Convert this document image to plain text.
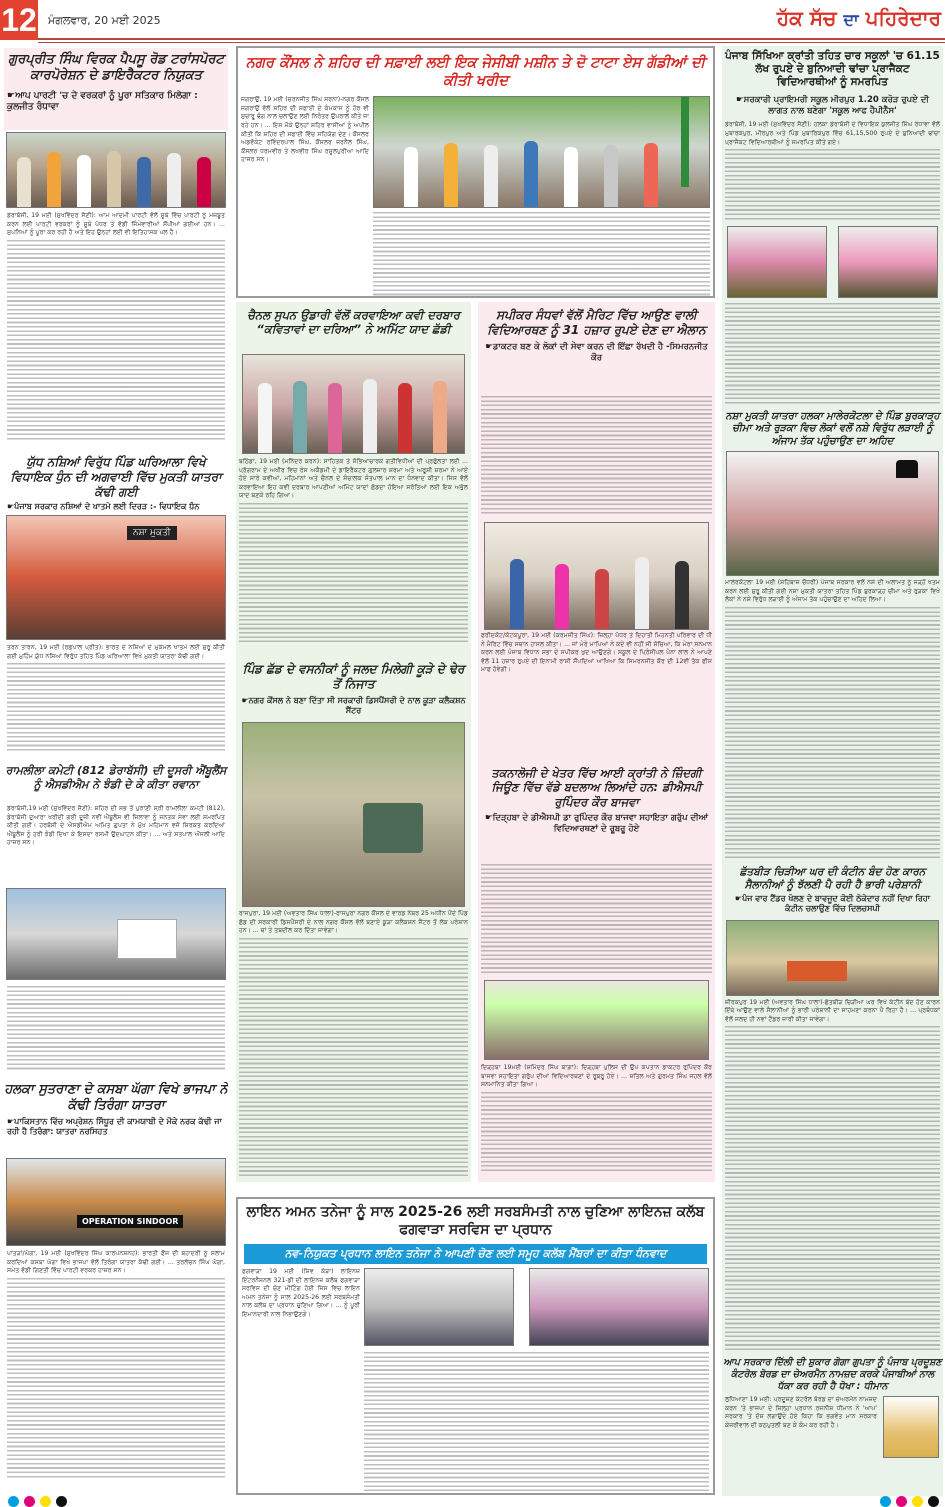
12 ਮੰਗਲਵਾਰ, 20 ਮਈ 2025	ਹੱਕ ਸੱਚ ਦਾ ਪਹਿਰੇਦਾਰ
ਗੁਰਪ੍ਰੀਤ ਸਿੰਘ ਵਿਰਕ ਪੈਪਸੂ ਰੋਡ ਟਰਾਂਸਪੋਰਟ ਕਾਰਪੋਰੇਸ਼ਨ ਦੇ ਡਾਇਰੈਕਟਰ ਨਿਯੁਕਤ
☛ ਆਪ ਪਾਰਟੀ 'ਚ ਦੇ ਵਰਕਰਾਂ ਨੂੰ ਪੂਰਾ ਸਤਿਕਾਰ ਮਿਲੇਗਾ : ਕੁਲਜੀਤ ਰੰਧਾਵਾ
ਡੇਰਾਬੱਸੀ, 19 ਮਈ (ਸੁਖਵਿੰਦਰ ਸੈਣੀ): ਆਮ ਆਦਮੀ ਪਾਰਟੀ ਵੱਲੋਂ ਸੂਬੇ ਵਿੱਚ ਪਾਰਟੀ ਨੂੰ ਮਜ਼ਬੂਤ ਕਰਨ ਲਈ ਪਾਰਟੀ ਵਰਕਰਾਂ ਨੂੰ ਸੂਬੇ ਪੱਧਰ ਤੇ ਵੱਡੀ ਜਿੰਮੇਵਾਰੀਆਂ ਸੌਂਪੀਆਂ ਗਈਆਂ ਹਨ। ... ਸੁਪਨਿਆਂ ਨੂੰ ਪੂਰਾ ਕਰ ਰਹੀ ਹੈ ਅਤੇ ਇਹ ਉਨ੍ਹਾਂ ਲਈ ਵੀ ਇਤਿਹਾਸਕ ਪਲ ਹੈ।
ਯੁੱਧ ਨਸ਼ਿਆਂ ਵਿਰੁੱਧ ਪਿੰਡ ਘਰਿਆਲਾ ਵਿਖੇ ਵਿਧਾਇਕ ਧੁੰਨ ਦੀ ਅਗਵਾਈ ਵਿੱਚ ਮੁਕਤੀ ਯਾਤਰਾ ਕੱਢੀ ਗਈ
☛ ਪੰਜਾਬ ਸਰਕਾਰ ਨਸ਼ਿਆਂ ਦੇ ਖਾਤਮੇ ਲਈ ਦਿਰੜ :- ਵਿਧਾਇਕ ਧੁੰਨ
ਨਸ਼ਾ ਮੁਕਤੀ
ਤਰਨ ਤਾਰਨ, 19 ਮਈ (ਰਛਪਾਲ ਪ੍ਰੀਤ): ਭਾਰਤ ਦੇ ਨਸ਼ਿਆਂ ਦੇ ਮੁਕੰਮਲ ਖਾਤਮੇ ਲਈ ਸ਼ੁਰੂ ਕੀਤੀ ਗਈ ਮੁਹਿੰਮ ਯੁੱਧ ਨਸ਼ਿਆਂ ਵਿਰੁੱਧ ਤਹਿਤ ਪਿੰਡ ਘਰਿਆਲਾ ਵਿਖੇ ਮੁਕਤੀ ਯਾਤਰਾ ਕੱਢੀ ਗਈ।
ਰਾਮਲੀਲਾ ਕਮੇਟੀ (812 ਡੇਰਾਬੱਸੀ) ਦੀ ਦੂਸਰੀ ਐਂਬੂਲੈਂਸ ਨੂੰ ਐਸਡੀਐਮ ਨੇ ਝੰਡੀ ਦੇ ਕੇ ਕੀਤਾ ਰਵਾਨਾ
ਡੇਰਾਬੱਸੀ,19 ਮਈ (ਸੁਖਵਿੰਦਰ ਸੈਣੀ): ਸ਼ਹਿਰ ਦੀ ਸਭ ਤੋਂ ਪੁਰਾਣੀ ਸ੍ਰੀ ਰਾਮਲੀਲਾ ਕਮੇਟੀ (812), ਡੇਰਾਬੱਸੀ ਦੁਆਰਾ ਖਰੀਦੀ ਗਈ ਦੂਜੀ ਨਵੀਂ ਐਂਬੂਲੈਂਸ ਵੀ ਜਿਲਾਵਾ ਨੂੰ ਜਨਤਕ ਸੇਵਾ ਲਈ ਸਮਰਪਿਤ ਕੀਤੀ ਗਈ। ਹਰਬੱਸੀ ਦੇ ਐਸਡੀਐਮ ਅਮਿਤ ਗੁਪਤਾ ਨੇ ਮੁੱਖ ਮਹਿਮਾਨ ਵਜੋਂ ਸ਼ਿਰਕਤ ਕਰਦਿਆਂ ਐਂਬੂਲੈਂਸ ਨੂੰ ਹਰੀ ਝੰਡੀ ਦਿਖਾ ਕੇ ਇਸਦਾ ਰਸਮੀ ਉਦਘਾਟਨ ਕੀਤਾ। ... ਅਤੇ ਸਤਪਾਲ ਔਜਲੀ ਆਦਿ ਹਾਜ਼ਰ ਸਨ।
ਹਲਕਾ ਸੁਤਰਾਣਾ ਦੇ ਕਸਬਾ ਘੱਗਾ ਵਿਖੇ ਭਾਜਪਾ ਨੇ ਕੱਢੀ ਤਿਰੰਗਾ ਯਾਤਰਾ
☛ ਪਾਕਿਸਤਾਨ ਵਿੱਚ ਅਪ੍ਰੇਸ਼ਨ ਸਿੰਧੂਰ ਦੀ ਕਾਮਯਾਬੀ ਦੇ ਮੌਕੇ ਨਰਕ ਕੱਢੀ ਜਾ ਰਹੀ ਹੈ ਤਿਰੰਗਾ: ਯਾਤਰਾ ਨਰਸਿਹਤ
OPERATION SINDOOR
ਪਾਤੜਾਂ/ਘੱਗਾ, 19 ਮਈ (ਸੁਖਵਿੰਦਰ ਸਿੰਘ ਕਾਰਪਨਸ਼ਨਹ): ਭਾਰਤੀ ਫੌਜ ਦੀ ਬਹਾਦਰੀ ਨੂੰ ਸਲਾਮ ਕਰਦਿਆਂ ਕਸਬਾ ਘੱਗਾ ਵਿਖੇ ਭਾਜਪਾ ਵੱਲੋਂ ਤਿਰੰਗਾ ਯਾਤਰਾ ਕੱਢੀ ਗਈ। ... ਤਰਲੋਚਨ ਸਿੰਘ ਘੱਗਾ, ਸਮੇਤ ਵੱਡੀ ਗਿਣਤੀ ਵਿੱਚ ਪਾਰਟੀ ਵਰਕਰ ਹਾਜ਼ਰ ਸਨ।
ਨਗਰ ਕੌਂਸਲ ਨੇ ਸ਼ਹਿਰ ਦੀ ਸਫ਼ਾਈ ਲਈ ਇਕ ਜੇਸੀਬੀ ਮਸ਼ੀਨ ਤੇ ਦੋ ਟਾਟਾ ਏਸ ਗੱਡੀਆਂ ਦੀ ਕੀਤੀ ਖਰੀਦ
ਜਗਰਾਉਂ, 19 ਮਈ (ਚਰਨਜੀਤ ਸਿੰਘ ਸਰਨਾ)-ਨਗਰ ਕੌਂਸਲ ਜਗਰਾਉਂ ਵੱਲੋਂ ਸ਼ਹਿਰ ਦੀ ਸਫਾਈ ਦੇ ਕੰਮਕਾਜ ਨੂੰ ਹੋਰ ਵੀ ਸੁਚਾਰੂ ਢੰਗ ਨਾਲ ਚਲਾਉਣ ਲਈ ਨਿਰੰਤਰ ਉਪਰਾਲੇ ਕੀਤੇ ਜਾ ਰਹੇ ਹਨ। ... ਇਸ ਮੌਕੇ ਉਨ੍ਹਾਂ ਸ਼ਹਿਰ ਵਾਸੀਆਂ ਨੂੰ ਅਪੀਲ ਕੀਤੀ ਕਿ ਸ਼ਹਿਰ ਦੀ ਸਫਾਈ ਵਿੱਚ ਸਹਿਯੋਗ ਦੇਣ। ਕੌਂਸਲਰ ਅਡਵੋਕੇਟ ਰਵਿੰਦਰਪਾਲ ਸਿੰਘ, ਕੌਂਸਲਰ ਜਰਨੈਲ ਸਿੰਘ, ਕੌਂਸਲਰ ਧਰਮਵੀਰ ਤੇ ਲਖਵੀਰ ਸਿੰਘ ਰਸੂਲਪੁਰੀਆ ਆਦਿ ਹਾਜ਼ਰ ਸਨ।
ਚੈਨਲ ਸੁਪਨ ਉਡਾਰੀ ਵੱਲੋਂ ਕਰਵਾਇਆ ਕਵੀ ਦਰਬਾਰ “ਕਵਿਤਾਵਾਂ ਦਾ ਦਰਿਆ” ਨੇ ਅਮਿੱਟ ਯਾਦ ਛੱਡੀ
ਬਠਿੰਡਾ, 19 ਮਈ (ਮਨਿੰਦਰ ਕਰਨ): ਸਾਹਿਤਕ ਤੇ ਸੱਭਿਆਚਾਰਕ ਗਤੀਵਿਧੀਆਂ ਦੀ ਪ੍ਰਫੁੱਲਤਾ ਲਈ ... ਪ੍ਰੋਗਰਾਮ ਦੇ ਅਖੀਰ ਵਿਚ ਰੇਸ ਅਕੈਡਮੀ ਦੇ ਡਾਇਰੈਕਟਰ ਗੁਲਜ਼ਾਰ ਸ਼ਰਮਾ ਅਤੇ ਅਰੂਸ਼ੀ ਸ਼ਰਮਾ ਨੇ ਆਏ ਹੋਏ ਸਾਰੇ ਕਵੀਆਂ, ਮਹਿਮਾਨਾਂ ਅਤੇ ਚੈਨਲ ਦੇ ਸੰਚਾਲਕ ਸੰਤਪਾਲ ਮਾਨ ਦਾ ਧੰਨਵਾਦ ਕੀਤਾ। ਜਿਸ ਵੱਲੋਂ ਕਰਵਾਇਆ ਇਹ ਕਵੀ ਦਰਬਾਰ ਆਪਣੀਆਂ ਅਮਿੱਟ ਯਾਦਾਂ ਛੱਡਦਾ ਹੋਇਆ ਸਰੋਤਿਆਂ ਲਈ ਇਕ ਅਭੁੱਲ ਯਾਦ ਬਣਕੇ ਰਹਿ ਗਿਆ।
ਪਿੰਡ ਛੱਡ ਦੇ ਵਸਨੀਕਾਂ ਨੂੰ ਜਲਦ ਮਿਲੇਗੀ ਕੂੜੇ ਦੇ ਢੇਰ ਤੋਂ ਨਿਜਾਤ
☛ ਨਗਰ ਕੌਂਸਲ ਨੇ ਬਣਾ ਦਿੱਤਾ ਸੀ ਸਰਕਾਰੀ ਡਿਸਪੈਂਸਰੀ ਦੇ ਨਾਲ ਕੂੜਾ ਕਲੈਕਸ਼ਨ ਸੈਂਟਰ
ਰਾਜਪੁਰਾ, 19 ਮਈ (ਅਵਤਾਰ ਸਿੰਘ ਧਾਲਾ)-ਰਾਜਪੁਰਾ ਨਗਰ ਕੌਂਸਲ ਦੇ ਵਾਰਡ ਨੰਬਰ 25 ਅਧੀਨ ਪੈਂਦੇ ਪਿੰਡ ਛੱਡ ਦੀ ਸਰਕਾਰੀ ਡਿਸਪੈਂਸਰੀ ਦੇ ਨਾਲ ਨਗਰ ਕੌਂਸਲ ਵੱਲੋਂ ਬਣਾਏ ਕੂੜਾ ਕਲੈਕਸ਼ਨ ਸੈਂਟਰ ਤੋਂ ਲੋਕ ਪਰੇਸ਼ਾਨ ਹਨ। ... ਥਾਂ ਤੇ ਤਬਦੀਲ ਕਰ ਦਿੱਤਾ ਜਾਵੇਗਾ।
ਸਪੀਕਰ ਸੰਧਵਾਂ ਵੱਲੋਂ ਮੈਰਿਟ ਵਿੱਚ ਆਉਣ ਵਾਲੀ ਵਿਦਿਆਰਥਣ ਨੂੰ 31 ਹਜ਼ਾਰ ਰੁਪਏ ਦੇਣ ਦਾ ਐਲਾਨ
☛ ਡਾਕਟਰ ਬਣ ਕੇ ਲੋਕਾਂ ਦੀ ਸੇਵਾ ਕਰਨ ਦੀ ਇੱਛਾ ਰੱਖਦੀ ਹੈ -ਸਿਮਰਨਜੀਤ ਕੌਰ
ਫਰੀਦਕੋਟ/ਕੋਟਕਪੂਰਾ, 19 ਮਈ (ਕਰਮਜੀਤ ਸਿੰਘ): ਜ਼ਿਲ੍ਹਾ ਪੱਧਰ ਤੇ ਦਿਹਾਤੀ ਮਿਹਨਤੀ ਪਰਿਵਾਰ ਦੀ ਧੀ ਨੇ ਮੈਰਿਟ ਵਿੱਚ ਸਥਾਨ ਹਾਸਲ ਕੀਤਾ। ... ਜਾਂ ਮੇਰੇ ਮਾਪਿਆਂ ਨੇ ਕਦੇ ਵੀ ਨਹੀਂ ਸੀ ਸੋਚਿਆ, ਕਿ ਮੇਰਾ ਸਨਮਾਨ ਕਰਨ ਲਈ ਪੰਜਾਬ ਵਿਧਾਨ ਸਭਾ ਦੇ ਸਪੀਕਰ ਖੁਦ ਆਉਣਗੇ। ਸਕੂਲ ਦੇ ਪ੍ਰਿੰਸੀਪਲ ਪੰਨਾ ਲਾਲ ਨੇ ਆਪਣੇ ਵੱਲੋਂ 11 ਹਜ਼ਾਰ ਰੁਪਏ ਦੀ ਇਨਾਮੀ ਰਾਸ਼ੀ ਸੌਂਪਦਿਆਂ ਆਖਿਆ ਕਿ ਸਿਮਰਨਜੀਤ ਕੌਰ ਦੀ 12ਵੀਂ ਤੱਕ ਫੀਸ ਮਾਫ ਹੋਵੇਗੀ।
ਤਕਨਾਲੋਜੀ ਦੇ ਖੇਤਰ ਵਿੱਚ ਆਈ ਕ੍ਰਾਂਤੀ ਨੇ ਜ਼ਿੰਦਗੀ ਜਿਊਣ ਵਿੱਚ ਵੱਡੇ ਬਦਲਾਅ ਲਿਆਂਦੇ ਹਨ: ਡੀਐਸਪੀ ਰੁਪਿੰਦਰ ਕੌਰ ਬਾਜਵਾ
☛ ਦਿੜ੍ਹਬਾ ਦੇ ਡੀਐਸਪੀ ਡਾ ਰੁਪਿੰਦਰ ਕੌਰ ਬਾਜਵਾ ਸਹਾਇਤਾ ਗਰੁੱਪ ਦੀਆਂ ਵਿਦਿਆਰਥਣਾਂ ਦੇ ਰੂਬਰੂ ਹੋਏ
ਦਿੜ੍ਹਬਾ 19ਮਈ (ਸ਼ਮਿੰਦਰ ਸਿੰਘ ਬਾਗ਼ਾ): ਦਿੜ੍ਹਬਾ ਪੁਲਿਸ ਦੀ ਉਪ ਕਪਤਾਨ ਡਾਕਟਰ ਰੁਪਿੰਦਰ ਕੌਰ ਬਾਜਵਾ ਸਹਾਇਤਾ ਗਰੁੱਪ ਦੀਆਂ ਵਿਦਿਆਰਥਣਾਂ ਦੇ ਰੂਬਰੂ ਹੋਏ। ... ਸ਼ਤਿਲ ਅਤੇ ਗੁਰਮਤ ਸਿੰਘ ਜਹਲ ਵੱਲੋਂ ਸਨਮਾਨਿਤ ਕੀਤਾ ਗਿਆ।
ਲਾਇਨ ਅਮਨ ਤਨੇਜਾ ਨੂੰ ਸਾਲ 2025-26 ਲਈ ਸਰਬਸੰਮਤੀ ਨਾਲ ਚੁਣਿਆ ਲਾਇਨਜ਼ ਕਲੱਬ ਫਗਵਾੜਾ ਸਰਵਿਸ ਦਾ ਪ੍ਰਧਾਨ
ਨਵ-ਨਿਯੁਕਤ ਪ੍ਰਧਾਨ ਲਾਇਨ ਤਨੇਜਾ ਨੇ ਆਪਣੀ ਚੋਣ ਲਈ ਸਮੂਹ ਕਲੱਬ ਮੈਂਬਰਾਂ ਦਾ ਕੀਤਾ ਧੰਨਵਾਦ
ਫਗਵਾੜਾ 19 ਮਈ (ਸ਼ਿਵ ਕੋੜਾ) ਲਾਇਨਜ਼ ਇੰਟਰਨੈਸ਼ਨਲ 321-ਡੀ ਦੀ ਲਾਇਨਜ਼ ਕਲੱਬ ਫਗਵਾੜਾ ਸਰਵਿਸ ਦੀ ਚੋਣ ਮੀਟਿੰਗ ਹੋਈ ਜਿਸ ਵਿਚ ਲਾਇਨ ਅਮਨ ਤਨੇਜਾ ਨੂੰ ਸਾਲ 2025-26 ਲਈ ਸਰਬਸੰਮਤੀ ਨਾਲ ਕਲੱਬ ਦਾ ਪ੍ਰਧਾਨ ਚੁਣਿਆ ਗਿਆ। ... ਨੂੰ ਪੂਰੀ ਇਮਾਨਦਾਰੀ ਨਾਲ ਨਿਭਾਉਣਗੇ।
ਪੰਜਾਬ ਸਿੱਖਿਆ ਕ੍ਰਾਂਤੀ ਤਹਿਤ ਚਾਰ ਸਕੂਲਾਂ 'ਚ 61.15 ਲੱਖ ਰੁਪਏ ਦੇ ਬੁਨਿਆਦੀ ਢਾਂਚਾ ਪ੍ਰਾਜੈਕਟ ਵਿਦਿਆਰਥੀਆਂ ਨੂੰ ਸਮਰਪਿਤ
☛ ਸਰਕਾਰੀ ਪ੍ਰਾਇਮਰੀ ਸਕੂਲ ਮੀਰਪੁਰ 1.20 ਕਰੋੜ ਰੁਪਏ ਦੀ ਲਾਗਤ ਨਾਲ ਬਣੇਗਾ 'ਸਕੂਲ ਆਫ ਹੈਪੀਨੈੱਸ'
ਡੇਰਾਬੱਸੀ, 19 ਮਈ (ਸੁਖਵਿੰਦਰ ਸੈਣੀ): ਹਲਕਾ ਡੇਰਾਬੱਸੀ ਦੇ ਵਿਧਾਇਕ ਕੁਲਜੀਤ ਸਿੰਘ ਰੰਧਾਵਾ ਵੱਲੋਂ ਮੁਬਾਰਕਪੁਰ, ਮੀਰਪੁਰ ਅਤੇ ਪਿੰਡ ਮੁਬਾਰਿਕਪੁਰ ਵਿੱਚ 61,15,500 ਰੁਪਏ ਦੇ ਬੁਨਿਆਦੀ ਢਾਂਚਾ ਪ੍ਰਾਜੈਕਟ ਵਿਦਿਆਰਥੀਆਂ ਨੂੰ ਸਮਰਪਿਤ ਕੀਤੇ ਗਏ।
ਨਸ਼ਾ ਮੁਕਤੀ ਯਾਤਰਾ ਹਲਕਾ ਮਾਲੇਰਕੋਟਲਾ ਦੇ ਪਿੰਡ ਬੁਰਕਾੜ੍ਹ ਚੀਮਾ ਅਤੇ ਰੁੜਕਾ ਵਿਚ ਲੋਕਾਂ ਵਲੋਂ ਨਸ਼ੇ ਵਿਰੁੱਧ ਲੜਾਈ ਨੂੰ ਅੰਜਾਮ ਤੱਕ ਪਹੁੰਚਾਉਣ ਦਾ ਅਹਿਦ
ਮਾਲੇਰਕੋਟਲਾ 19 ਮਈ (ਸ਼ਹਿਬਾਜ਼ ਚੌਧਰੀ) ਪੰਜਾਬ ਸਰਕਾਰ ਵਲੋਂ ਨਸ਼ੇ ਦੀ ਅਲਾਮਤ ਨੂੰ ਜੜ੍ਹੋਂ ਖਤਮ ਕਰਨ ਲਈ ਸ਼ੁਰੂ ਕੀਤੀ ਗਈ ਨਸ਼ਾ ਮੁਕਤੀ ਯਾਤਰਾ ਤਹਿਤ ਪਿੰਡ ਬੁਰਕਾੜ੍ਹ ਚੀਮਾ ਅਤੇ ਰੁੜਕਾ ਵਿਖੇ ਲੋਕਾਂ ਨੇ ਨਸ਼ੇ ਵਿਰੁੱਧ ਲੜਾਈ ਨੂੰ ਅੰਜਾਮ ਤੱਕ ਪਹੁੰਚਾਉਣ ਦਾ ਅਹਿਦ ਲਿਆ।
ਛੱਤਬੀੜ ਚਿੜੀਆ ਘਰ ਦੀ ਕੰਟੀਨ ਬੰਦ ਹੋਣ ਕਾਰਨ ਸੈਲਾਨੀਆਂ ਨੂੰ ਝੱਲਣੀ ਪੈ ਰਹੀ ਹੈ ਭਾਰੀ ਪਰੇਸ਼ਾਨੀ
☛ ਪੰਜ ਵਾਰ ਟੈਂਡਰ ਖੋਲਣ ਦੇ ਬਾਵਜੂਦ ਕੋਈ ਠੇਕੇਦਾਰ ਨਹੀਂ ਦਿਖਾ ਰਿਹਾ ਕੰਟੀਨ ਚਲਾਉਣ ਵਿੱਚ ਦਿਲਚਸਪੀ
ਜ਼ੀਰਕਪੁਰ 19 ਮਈ (ਅਵਤਾਰ ਸਿੰਘ ਧਾਲਾ)-ਛੱਤਬੀੜ ਚਿੜੀਆ ਘਰ ਵਿਖੇ ਕੰਟੀਨ ਬੰਦ ਹੋਣ ਕਾਰਨ ਇੱਥੇ ਆਉਣ ਵਾਲੇ ਸੈਲਾਨੀਆਂ ਨੂੰ ਭਾਰੀ ਪਰੇਸ਼ਾਨੀ ਦਾ ਸਾਹਮਣਾ ਕਰਨਾ ਪੈ ਰਿਹਾ ਹੈ। ... ਪ੍ਰਬੰਧਕਾਂ ਵੱਲੋਂ ਜਲਦ ਹੀ ਨਵਾਂ ਟੈਂਡਰ ਜਾਰੀ ਕੀਤਾ ਜਾਵੇਗਾ।
ਆਪ ਸਰਕਾਰ ਦਿੱਲੀ ਦੀ ਸ਼ੁਕਾਰ ਗੋਗਾ ਗੁਪਤਾ ਨੂੰ ਪੰਜਾਬ ਪ੍ਰਦੂਸ਼ਣ ਕੰਟਰੋਲ ਬੋਰਡ ਦਾ ਚੇਅਰਮੈਨ ਨਾਮਜ਼ਦ ਕਰਕੇ ਪੰਜਾਬੀਆਂ ਨਾਲ ਧੱਕਾ ਕਰ ਰਹੀ ਹੈ ਧੋਖਾ : ਧੀਮਾਨ
ਲੁਧਿਆਣਾ 19 ਮਈ: ਪ੍ਰਦੂਸ਼ਣ ਕੰਟਰੋਲ ਬੋਰਡ ਦਾ ਚੇਅਰਮੈਨ ਨਾਮਜ਼ਦ ਕਰਨ 'ਤੇ ਭਾਜਪਾ ਦੇ ਜ਼ਿਲ੍ਹਾ ਪ੍ਰਧਾਨ ਰਜਨੀਸ਼ ਧੀਮਾਨ ਨੇ 'ਆਪ' ਸਰਕਾਰ 'ਤੇ ਦੋਸ਼ ਲਗਾਉਂਦੇ ਹੋਏ ਕਿਹਾ ਕਿ ਭਗਵੰਤ ਮਾਨ ਸਰਕਾਰ ਕੇਜਰੀਵਾਲ ਦੀ ਕਠਪੁਤਲੀ ਬਣ ਕੇ ਕੰਮ ਕਰ ਰਹੀ ਹੈ।
